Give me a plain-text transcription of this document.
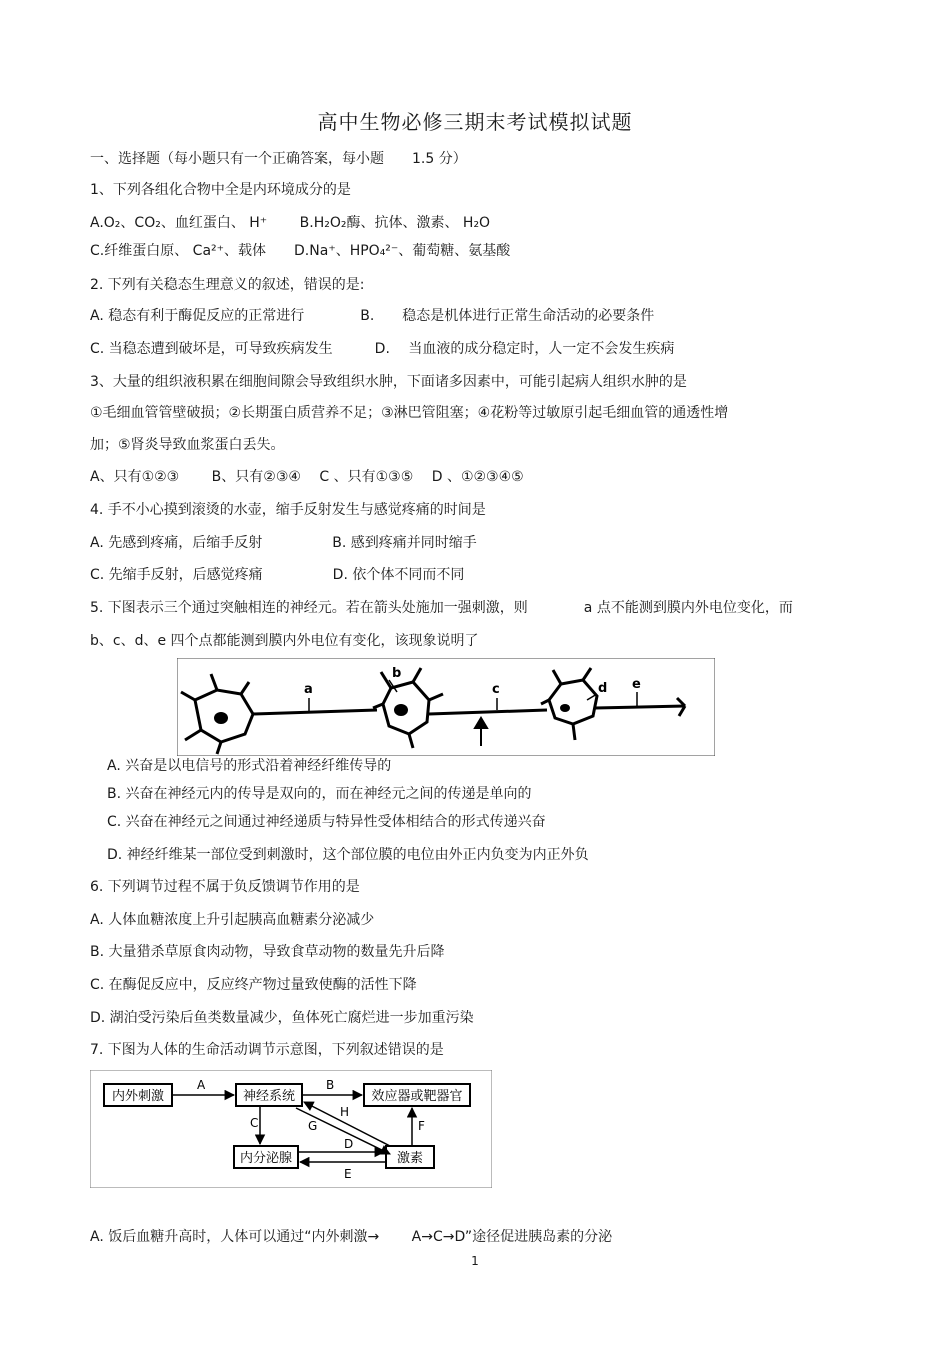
高中生物必修三期末考试模拟试题
一、选择题（每小题只有一个正确答案，每小题　　1.5 分）
1、下列各组化合物中全是内环境成分的是
A.O₂、CO₂、血红蛋白、 H⁺　　 B.H₂O₂酶、抗体、激素、 H₂O
C.纤维蛋白原、 Ca²⁺、载体　　D.Na⁺、HPO₄²⁻、葡萄糖、氨基酸
2. 下列有关稳态生理意义的叙述，错误的是:
A. 稳态有利于酶促反应的正常进行　　　　B.　　稳态是机体进行正常生命活动的必要条件
C. 当稳态遭到破坏是，可导致疾病发生　　　D.　 当血液的成分稳定时，人一定不会发生疾病
3、大量的组织液积累在细胞间隙会导致组织水肿，下面诸多因素中，可能引起病人组织水肿的是
①毛细血管管壁破损；②长期蛋白质营养不足；③淋巴管阻塞；④花粉等过敏原引起毛细血管的通透性增
加；⑤肾炎导致血浆蛋白丢失。
A、只有①②③　　 B、只有②③④　 C 、只有①③⑤　 D 、①②③④⑤
4. 手不小心摸到滚烫的水壶，缩手反射发生与感觉疼痛的时间是
A. 先感到疼痛，后缩手反射　　　　　B. 感到疼痛并同时缩手
C. 先缩手反射，后感觉疼痛　　　　　D. 依个体不同而不同
5. 下图表示三个通过突触相连的神经元。若在箭头处施加一强刺激，则　　　　a 点不能测到膜内外电位变化，而
b、c、d、e 四个点都能测到膜内外电位有变化，该现象说明了
a
b
c	d e
A. 兴奋是以电信号的形式沿着神经纤维传导的
B. 兴奋在神经元内的传导是双向的，而在神经元之间的传递是单向的
C. 兴奋在神经元之间通过神经递质与特异性受体相结合的形式传递兴奋
D. 神经纤维某一部位受到刺激时，这个部位膜的电位由外正内负变为内正外负
6. 下列调节过程不属于负反馈调节作用的是
A. 人体血糖浓度上升引起胰高血糖素分泌减少
B. 大量猎杀草原食肉动物，导致食草动物的数量先升后降
C. 在酶促反应中，反应终产物过量致使酶的活性下降
D. 湖泊受污染后鱼类数量减少，鱼体死亡腐烂进一步加重污染
7. 下图为人体的生命活动调节示意图，下列叙述错误的是
内外刺激	神经系统	效应器或靶器官
内分泌腺	激素
A	B
C
D
E
F
G
H
A. 饭后血糖升高时，人体可以通过“内外刺激→　　 A→C→D”途径促进胰岛素的分泌
1
